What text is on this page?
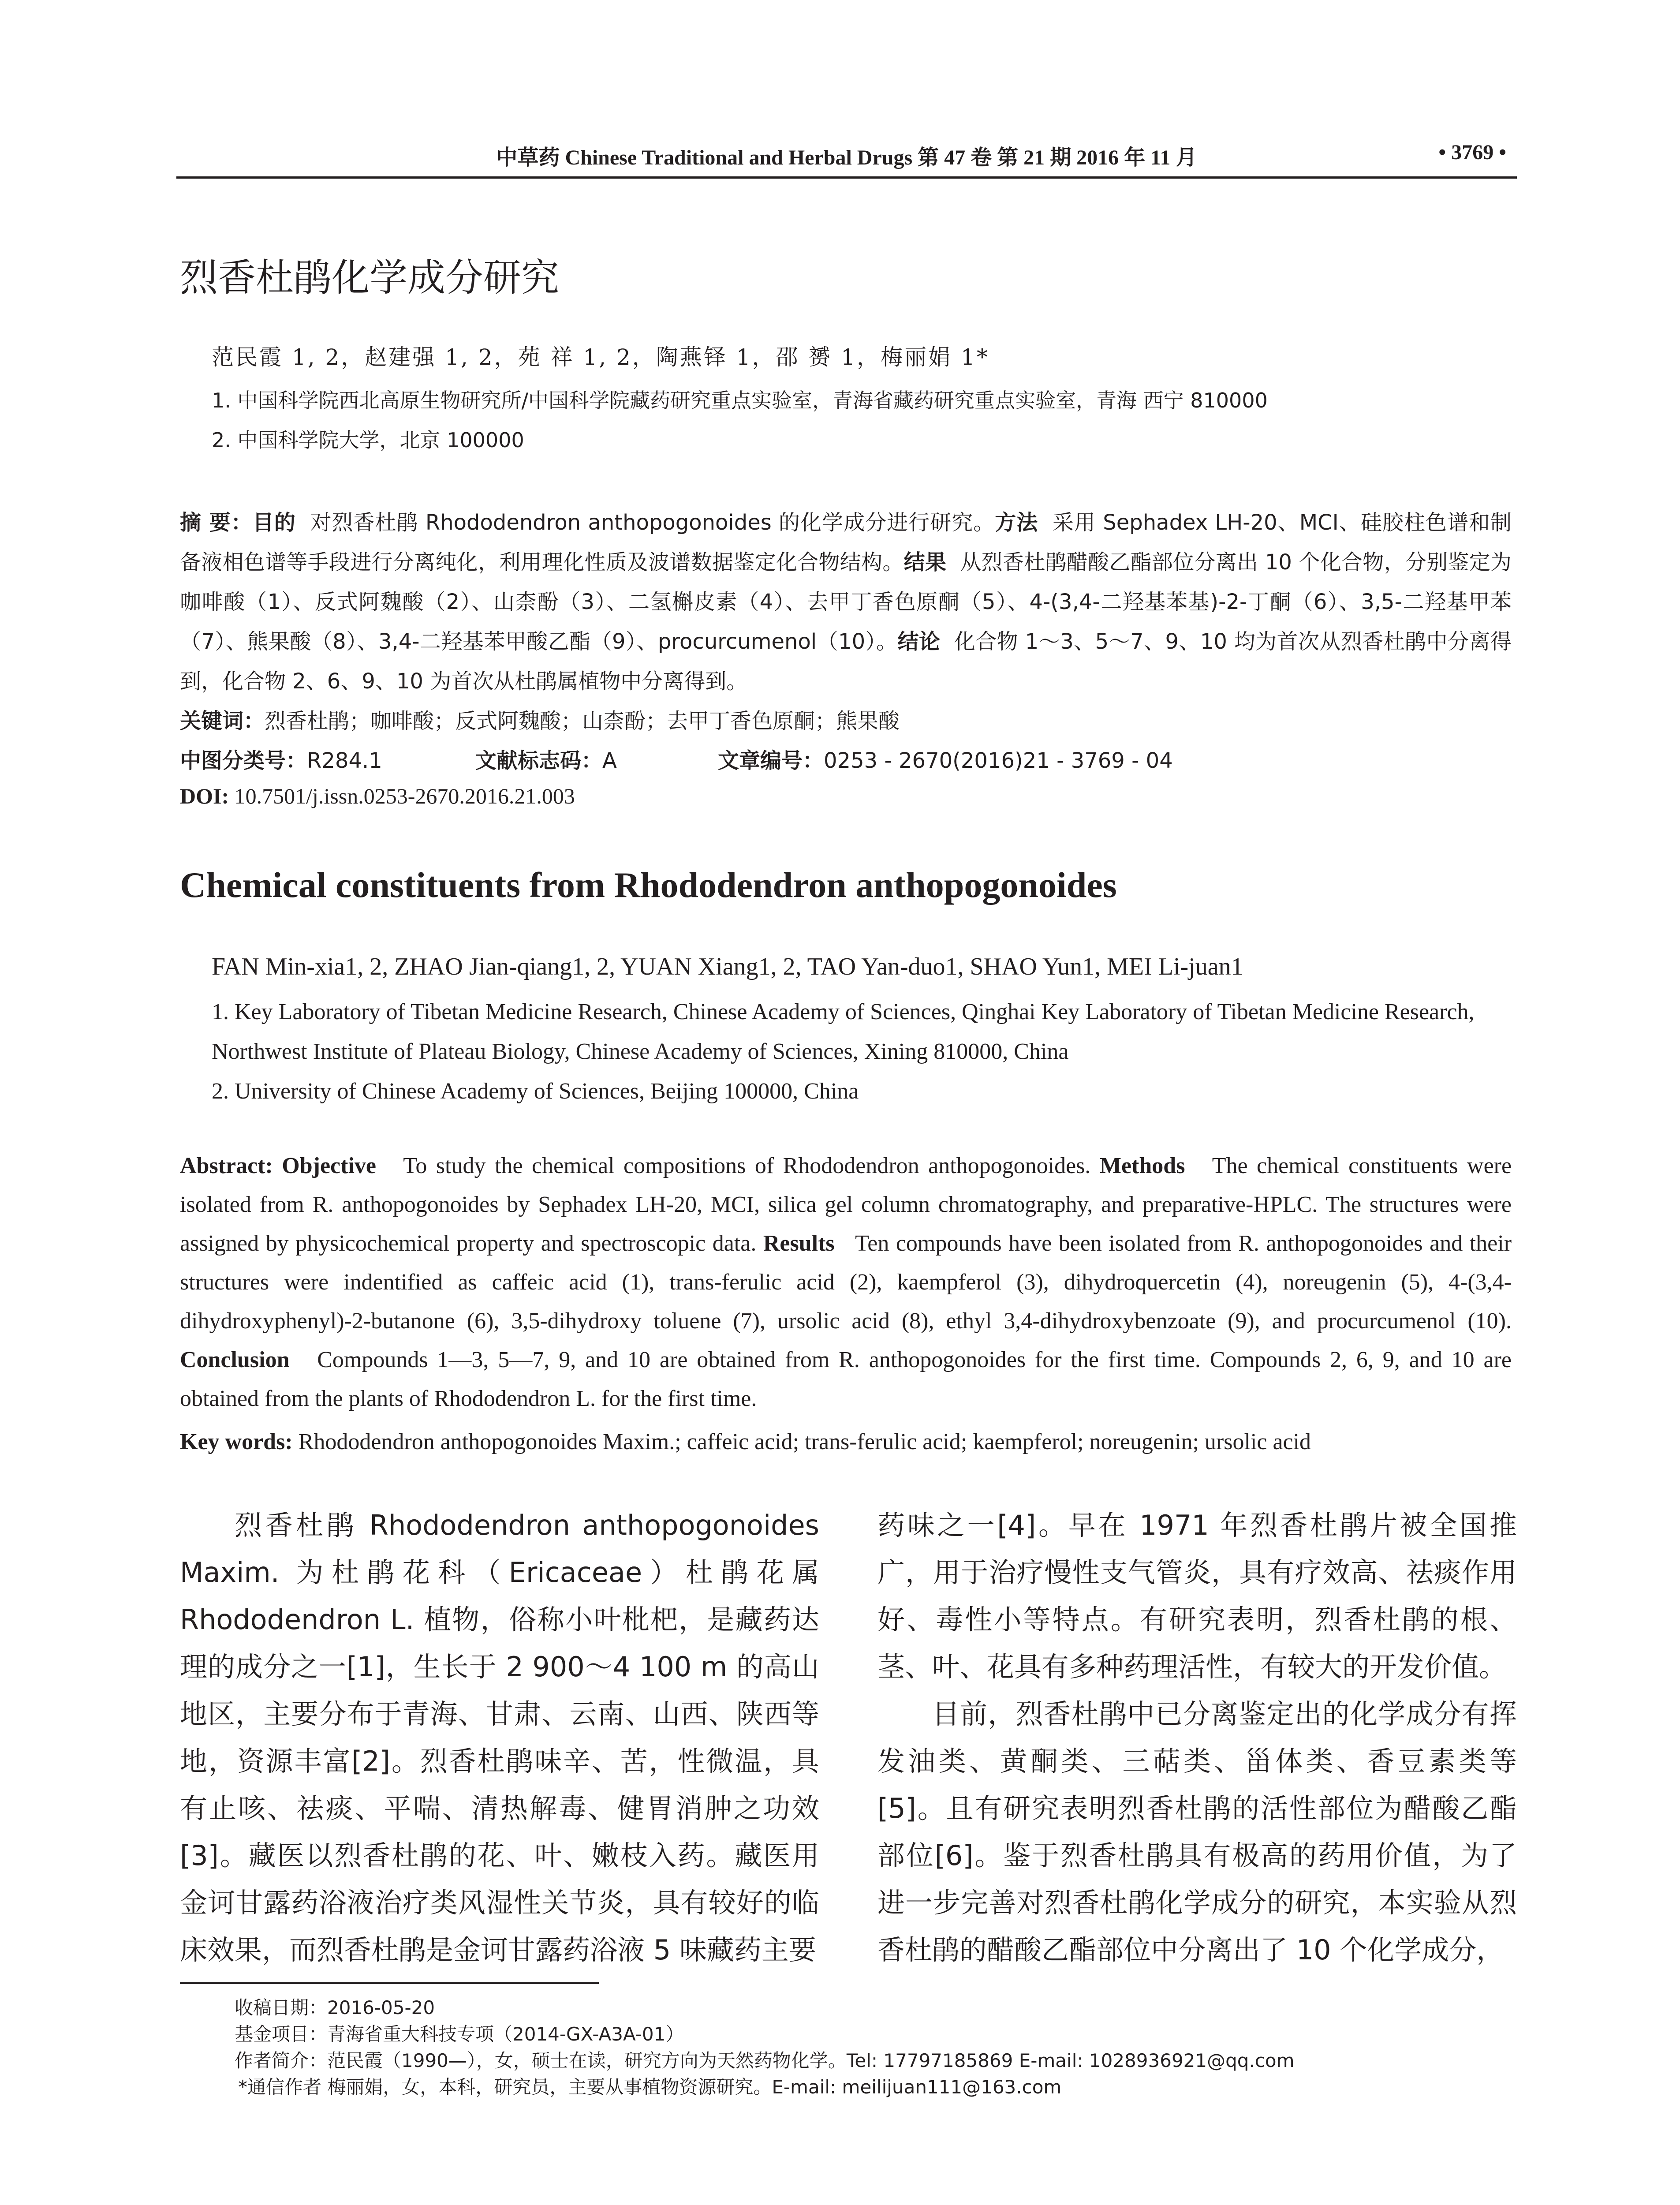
中草药 Chinese Traditional and Herbal Drugs 第 47 卷 第 21 期 2016 年 11 月	• 3769 •
烈香杜鹃化学成分研究
范民霞 1, 2，赵建强 1, 2，苑 祥 1, 2，陶燕铎 1，邵 赟 1，梅丽娟 1*
1. 中国科学院西北高原生物研究所/中国科学院藏药研究重点实验室，青海省藏药研究重点实验室，青海 西宁 810000
2. 中国科学院大学，北京 100000
摘 要：目的 对烈香杜鹃 Rhododendron anthopogonoides 的化学成分进行研究。方法 采用 Sephadex LH-20、MCI、硅胶柱色谱和制备液相色谱等手段进行分离纯化，利用理化性质及波谱数据鉴定化合物结构。结果 从烈香杜鹃醋酸乙酯部位分离出 10 个化合物，分别鉴定为咖啡酸（1）、反式阿魏酸（2）、山柰酚（3）、二氢槲皮素（4）、去甲丁香色原酮（5）、4-(3,4-二羟基苯基)-2-丁酮（6）、3,5-二羟基甲苯（7）、熊果酸（8）、3,4-二羟基苯甲酸乙酯（9）、procurcumenol（10）。结论 化合物 1～3、5～7、9、10 均为首次从烈香杜鹃中分离得到，化合物 2、6、9、10 为首次从杜鹃属植物中分离得到。
关键词：烈香杜鹃；咖啡酸；反式阿魏酸；山柰酚；去甲丁香色原酮；熊果酸
中图分类号：R284.1	文献标志码：A	文章编号：0253 - 2670(2016)21 - 3769 - 04
DOI: 10.7501/j.issn.0253-2670.2016.21.003
Chemical constituents from Rhododendron anthopogonoides
FAN Min-xia1, 2, ZHAO Jian-qiang1, 2, YUAN Xiang1, 2, TAO Yan-duo1, SHAO Yun1, MEI Li-juan1
1. Key Laboratory of Tibetan Medicine Research, Chinese Academy of Sciences, Qinghai Key Laboratory of Tibetan Medicine Research, Northwest Institute of Plateau Biology, Chinese Academy of Sciences, Xining 810000, China
2. University of Chinese Academy of Sciences, Beijing 100000, China
Abstract: Objective To study the chemical compositions of Rhododendron anthopogonoides. Methods The chemical constituents were isolated from R. anthopogonoides by Sephadex LH-20, MCI, silica gel column chromatography, and preparative-HPLC. The structures were assigned by physicochemical property and spectroscopic data. Results Ten compounds have been isolated from R. anthopogonoides and their structures were indentified as caffeic acid (1), trans-ferulic acid (2), kaempferol (3), dihydroquercetin (4), noreugenin (5), 4-(3,4-dihydroxyphenyl)-2-butanone (6), 3,5-dihydroxy toluene (7), ursolic acid (8), ethyl 3,4-dihydroxybenzoate (9), and procurcumenol (10). Conclusion Compounds 1—3, 5—7, 9, and 10 are obtained from R. anthopogonoides for the first time. Compounds 2, 6, 9, and 10 are obtained from the plants of Rhododendron L. for the first time.
Key words: Rhododendron anthopogonoides Maxim.; caffeic acid; trans-ferulic acid; kaempferol; noreugenin; ursolic acid

烈香杜鹃 Rhododendron anthopogonoides Maxim. 为杜鹃花科（Ericaceae）杜鹃花属 Rhododendron L. 植物，俗称小叶枇杷，是藏药达理的成分之一[1]，生长于 2 900～4 100 m 的高山地区，主要分布于青海、甘肃、云南、山西、陕西等地，资源丰富[2]。烈香杜鹃味辛、苦，性微温，具有止咳、祛痰、平喘、清热解毒、健胃消肿之功效[3]。藏医以烈香杜鹃的花、叶、嫩枝入药。藏医用金诃甘露药浴液治疗类风湿性关节炎，具有较好的临床效果，而烈香杜鹃是金诃甘露药浴液 5 味藏药主要

药味之一[4]。早在 1971 年烈香杜鹃片被全国推广，用于治疗慢性支气管炎，具有疗效高、祛痰作用好、毒性小等特点。有研究表明，烈香杜鹃的根、茎、叶、花具有多种药理活性，有较大的开发价值。

目前，烈香杜鹃中已分离鉴定出的化学成分有挥发油类、黄酮类、三萜类、甾体类、香豆素类等[5]。且有研究表明烈香杜鹃的活性部位为醋酸乙酯部位[6]。鉴于烈香杜鹃具有极高的药用价值，为了进一步完善对烈香杜鹃化学成分的研究，本实验从烈香杜鹃的醋酸乙酯部位中分离出了 10 个化学成分，

收稿日期：2016-05-20
基金项目：青海省重大科技专项（2014-GX-A3A-01）
作者简介：范民霞（1990—），女，硕士在读，研究方向为天然药物化学。Tel: 17797185869 E-mail: 1028936921@qq.com
*通信作者 梅丽娟，女，本科，研究员，主要从事植物资源研究。E-mail: meilijuan111@163.com
